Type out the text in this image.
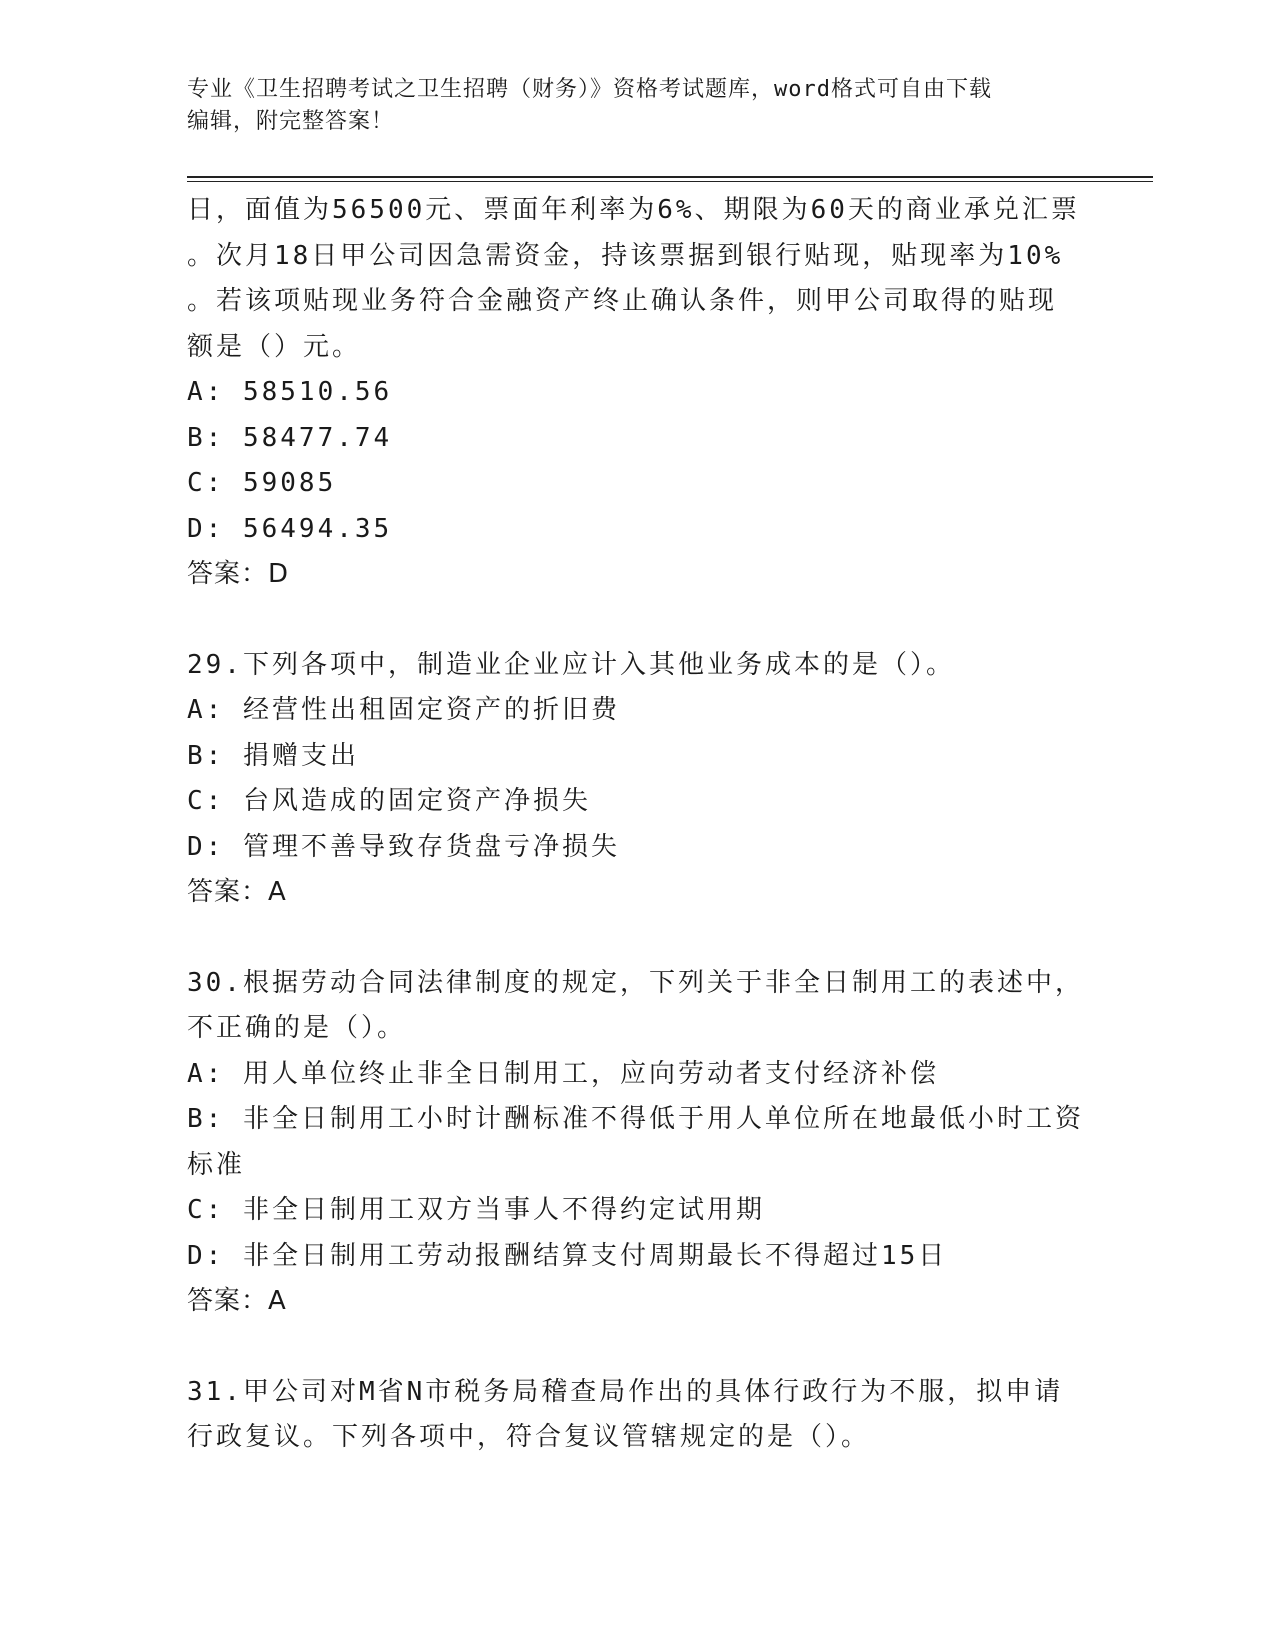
专业《卫生招聘考试之卫生招聘（财务）》资格考试题库，word格式可自由下载
编辑，附完整答案！
日，面值为56500元、票面年利率为6%、期限为60天的商业承兑汇票
。次月18日甲公司因急需资金，持该票据到银行贴现，贴现率为10%
。若该项贴现业务符合金融资产终止确认条件，则甲公司取得的贴现
额是（）元。
A: 58510.56
B: 58477.74
C: 59085
D: 56494.35
答案：D
29.下列各项中，制造业企业应计入其他业务成本的是（）。
A: 经营性出租固定资产的折旧费
B: 捐赠支出
C: 台风造成的固定资产净损失
D: 管理不善导致存货盘亏净损失
答案：A
30.根据劳动合同法律制度的规定，下列关于非全日制用工的表述中，
不正确的是（）。
A: 用人单位终止非全日制用工，应向劳动者支付经济补偿
B: 非全日制用工小时计酬标准不得低于用人单位所在地最低小时工资
标准
C: 非全日制用工双方当事人不得约定试用期
D: 非全日制用工劳动报酬结算支付周期最长不得超过15日
答案：A
31.甲公司对M省N市税务局稽查局作出的具体行政行为不服，拟申请
行政复议。下列各项中，符合复议管辖规定的是（）。
